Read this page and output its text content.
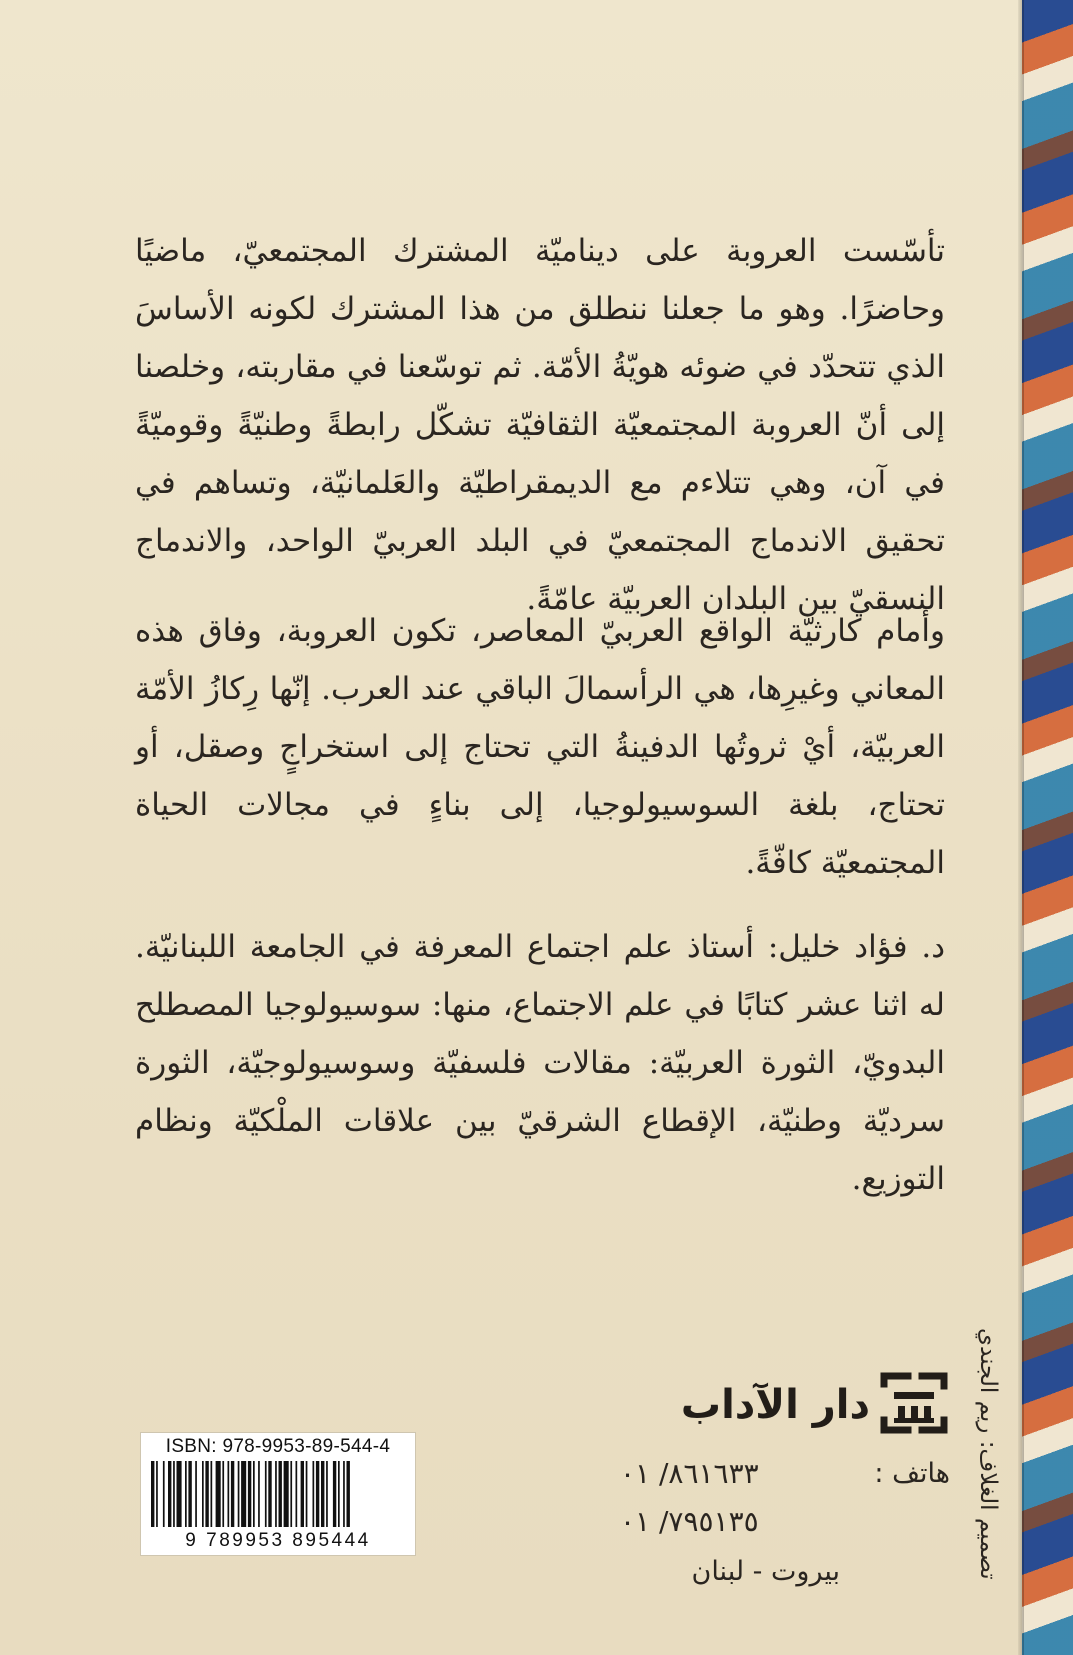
تأسّست العروبة على ديناميّة المشترك المجتمعيّ، ماضيًا وحاضرًا. وهو ما جعلنا ننطلق من هذا المشترك لكونه الأساسَ الذي تتحدّد في ضوئه هويّةُ الأمّة. ثم توسّعنا في مقاربته، وخلصنا إلى أنّ العروبة المجتمعيّة الثقافيّة تشكّل رابطةً وطنيّةً وقوميّةً في آن، وهي تتلاءم مع الديمقراطيّة والعَلمانيّة، وتساهم في تحقيق الاندماج المجتمعيّ في البلد العربيّ الواحد، والاندماج النسقيّ بين البلدان العربيّة عامّةً.

وأمام كارثيّة الواقع العربيّ المعاصر، تكون العروبة، وفاق هذه المعاني وغيرِها، هي الرأسمالَ الباقي عند العرب. إنّها رِكازُ الأمّة العربيّة، أيْ ثروتُها الدفينةُ التي تحتاج إلى استخراجٍ وصقل، أو تحتاج، بلغة السوسيولوجيا، إلى بناءٍ في مجالات الحياة المجتمعيّة كافّةً.

د. فؤاد خليل: أستاذ علم اجتماع المعرفة في الجامعة اللبنانيّة. له اثنا عشر كتابًا في علم الاجتماع، منها: سوسيولوجيا المصطلح البدويّ، الثورة العربيّة: مقالات فلسفيّة وسوسيولوجيّة، الثورة سرديّة وطنيّة، الإقطاع الشرقيّ بين علاقات الملْكيّة ونظام التوزيع.

دار الآداب
هاتف :
٨٦١٦٣٣/ ٠١
٧٩٥١٣٥/ ٠١
بيروت - لبنان	تصميم الغلاف: ريم الجندي
ISBN: 978-9953-89-544-4
9 789953 895444
